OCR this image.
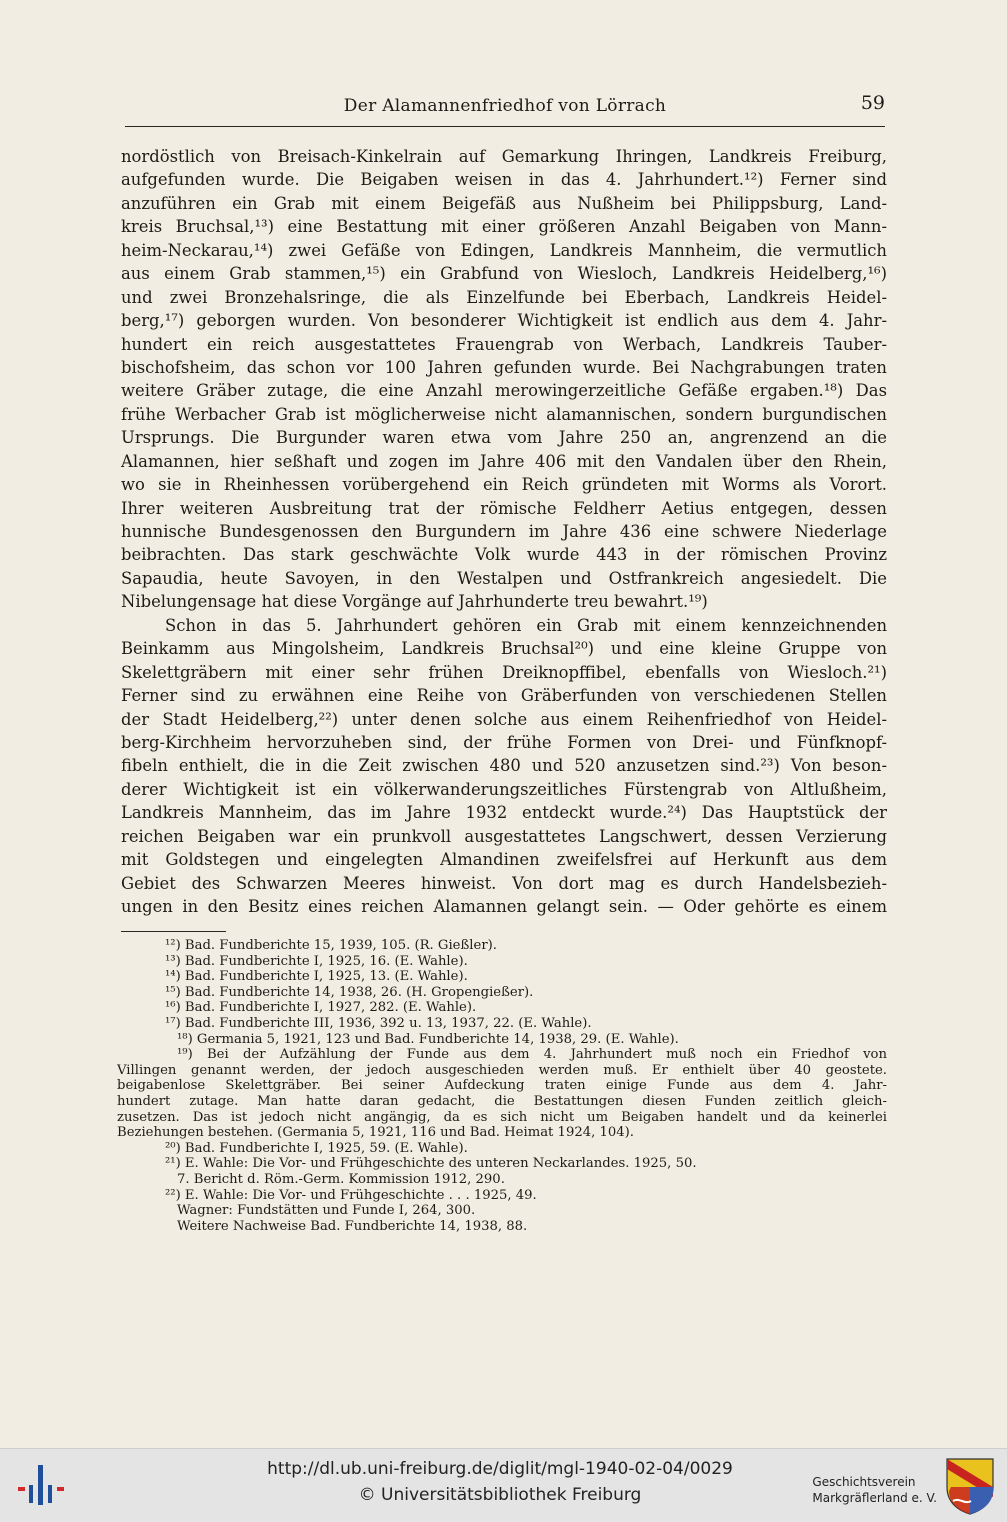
Der Alamannenfriedhof von Lörrach	59
nordöstlich von Breisach-Kinkelrain auf Gemarkung Ihringen, Landkreis Freiburg,
aufgefunden wurde. Die Beigaben weisen in das 4. Jahrhundert.¹²) Ferner sind
anzuführen ein Grab mit einem Beigefäß aus Nußheim bei Philippsburg, Land-
kreis Bruchsal,¹³) eine Bestattung mit einer größeren Anzahl Beigaben von Mann-
heim-Neckarau,¹⁴) zwei Gefäße von Edingen, Landkreis Mannheim, die vermutlich
aus einem Grab stammen,¹⁵) ein Grabfund von Wiesloch, Landkreis Heidelberg,¹⁶)
und zwei Bronzehalsringe, die als Einzelfunde bei Eberbach, Landkreis Heidel-
berg,¹⁷) geborgen wurden. Von besonderer Wichtigkeit ist endlich aus dem 4. Jahr-
hundert ein reich ausgestattetes Frauengrab von Werbach, Landkreis Tauber-
bischofsheim, das schon vor 100 Jahren gefunden wurde. Bei Nachgrabungen traten
weitere Gräber zutage, die eine Anzahl merowingerzeitliche Gefäße ergaben.¹⁸) Das
frühe Werbacher Grab ist möglicherweise nicht alamannischen, sondern burgundischen
Ursprungs. Die Burgunder waren etwa vom Jahre 250 an, angrenzend an die
Alamannen, hier seßhaft und zogen im Jahre 406 mit den Vandalen über den Rhein,
wo sie in Rheinhessen vorübergehend ein Reich gründeten mit Worms als Vorort.
Ihrer weiteren Ausbreitung trat der römische Feldherr Aetius entgegen, dessen
hunnische Bundesgenossen den Burgundern im Jahre 436 eine schwere Niederlage
beibrachten. Das stark geschwächte Volk wurde 443 in der römischen Provinz
Sapaudia, heute Savoyen, in den Westalpen und Ostfrankreich angesiedelt. Die
Nibelungensage hat diese Vorgänge auf Jahrhunderte treu bewahrt.¹⁹)
Schon in das 5. Jahrhundert gehören ein Grab mit einem kennzeichnenden
Beinkamm aus Mingolsheim, Landkreis Bruchsal²⁰) und eine kleine Gruppe von
Skelettgräbern mit einer sehr frühen Dreiknopffibel, ebenfalls von Wiesloch.²¹)
Ferner sind zu erwähnen eine Reihe von Gräberfunden von verschiedenen Stellen
der Stadt Heidelberg,²²) unter denen solche aus einem Reihenfriedhof von Heidel-
berg-Kirchheim hervorzuheben sind, der frühe Formen von Drei- und Fünfknopf-
fibeln enthielt, die in die Zeit zwischen 480 und 520 anzusetzen sind.²³) Von beson-
derer Wichtigkeit ist ein völkerwanderungszeitliches Fürstengrab von Altlußheim,
Landkreis Mannheim, das im Jahre 1932 entdeckt wurde.²⁴) Das Hauptstück der
reichen Beigaben war ein prunkvoll ausgestattetes Langschwert, dessen Verzierung
mit Goldstegen und eingelegten Almandinen zweifelsfrei auf Herkunft aus dem
Gebiet des Schwarzen Meeres hinweist. Von dort mag es durch Handelsbezieh-
ungen in den Besitz eines reichen Alamannen gelangt sein. — Oder gehörte es einem
¹²) Bad. Fundberichte 15, 1939, 105. (R. Gießler).
¹³) Bad. Fundberichte I, 1925, 16. (E. Wahle).
¹⁴) Bad. Fundberichte I, 1925, 13. (E. Wahle).
¹⁵) Bad. Fundberichte 14, 1938, 26. (H. Gropengießer).
¹⁶) Bad. Fundberichte I, 1927, 282. (E. Wahle).
¹⁷) Bad. Fundberichte III, 1936, 392 u. 13, 1937, 22. (E. Wahle).
¹⁸) Germania 5, 1921, 123 und Bad. Fundberichte 14, 1938, 29. (E. Wahle).
¹⁹) Bei der Aufzählung der Funde aus dem 4. Jahrhundert muß noch ein Friedhof von
Villingen genannt werden, der jedoch ausgeschieden werden muß. Er enthielt über 40 geostete.
beigabenlose Skelettgräber. Bei seiner Aufdeckung traten einige Funde aus dem 4. Jahr-
hundert zutage. Man hatte daran gedacht, die Bestattungen diesen Funden zeitlich gleich-
zusetzen. Das ist jedoch nicht angängig, da es sich nicht um Beigaben handelt und da keinerlei
Beziehungen bestehen. (Germania 5, 1921, 116 und Bad. Heimat 1924, 104).
²⁰) Bad. Fundberichte I, 1925, 59. (E. Wahle).
²¹) E. Wahle: Die Vor- und Frühgeschichte des unteren Neckarlandes. 1925, 50.
7. Bericht d. Röm.-Germ. Kommission 1912, 290.
²²) E. Wahle: Die Vor- und Frühgeschichte . . . 1925, 49.
Wagner: Fundstätten und Funde I, 264, 300.
Weitere Nachweise Bad. Fundberichte 14, 1938, 88.
http://dl.ub.uni-freiburg.de/diglit/mgl-1940-02-04/0029
© Universitätsbibliothek Freiburg
Geschichtsverein
Markgräflerland e. V.
